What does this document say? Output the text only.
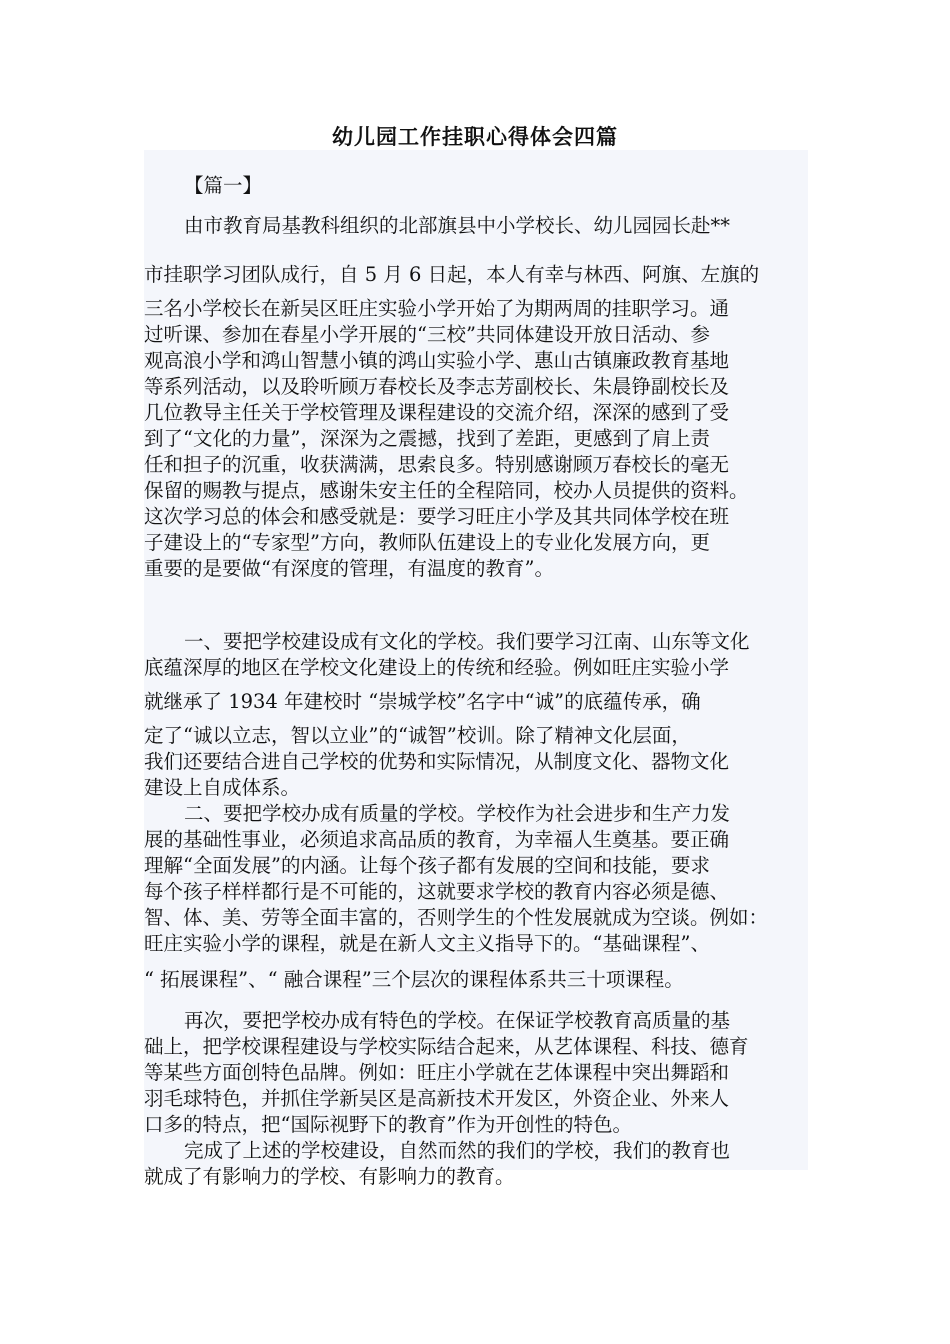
幼儿园工作挂职心得体会四篇
【篇一】
由市教育局基教科组织的北部旗县中小学校长、幼儿园园长赴**
市挂职学习团队成行，自 5 月 6 日起，本人有幸与林西、阿旗、左旗的
三名小学校长在新吴区旺庄实验小学开始了为期两周的挂职学习。通
过听课、参加在春星小学开展的“三校”共同体建设开放日活动、参
观高浪小学和鸿山智慧小镇的鸿山实验小学、惠山古镇廉政教育基地
等系列活动，以及聆听顾万春校长及李志芳副校长、朱晨铮副校长及
几位教导主任关于学校管理及课程建设的交流介绍，深深的感到了受
到了“文化的力量”，深深为之震撼，找到了差距，更感到了肩上责
任和担子的沉重，收获满满，思索良多。特别感谢顾万春校长的毫无
保留的赐教与提点，感谢朱安主任的全程陪同，校办人员提供的资料。
这次学习总的体会和感受就是：要学习旺庄小学及其共同体学校在班
子建设上的“专家型”方向，教师队伍建设上的专业化发展方向，更
重要的是要做“有深度的管理，有温度的教育”。
一、要把学校建设成有文化的学校。我们要学习江南、山东等文化
底蕴深厚的地区在学校文化建设上的传统和经验。例如旺庄实验小学
就继承了 1934 年建校时 “崇城学校”名字中“诚”的底蕴传承，确
定了“诚以立志，智以立业”的“诚智”校训。除了精神文化层面，
我们还要结合进自己学校的优势和实际情况，从制度文化、器物文化
建设上自成体系。
二、要把学校办成有质量的学校。学校作为社会进步和生产力发
展的基础性事业，必须追求高品质的教育，为幸福人生奠基。要正确
理解“全面发展”的内涵。让每个孩子都有发展的空间和技能，要求
每个孩子样样都行是不可能的，这就要求学校的教育内容必须是德、
智、体、美、劳等全面丰富的，否则学生的个性发展就成为空谈。例如：
旺庄实验小学的课程，就是在新人文主义指导下的。“基础课程”、
“ 拓展课程”、“ 融合课程”三个层次的课程体系共三十项课程。
再次，要把学校办成有特色的学校。在保证学校教育高质量的基
础上，把学校课程建设与学校实际结合起来，从艺体课程、科技、德育
等某些方面创特色品牌。例如：旺庄小学就在艺体课程中突出舞蹈和
羽毛球特色，并抓住学新吴区是高新技术开发区，外资企业、外来人
口多的特点，把“国际视野下的教育”作为开创性的特色。
完成了上述的学校建设，自然而然的我们的学校，我们的教育也
就成了有影响力的学校、有影响力的教育。
